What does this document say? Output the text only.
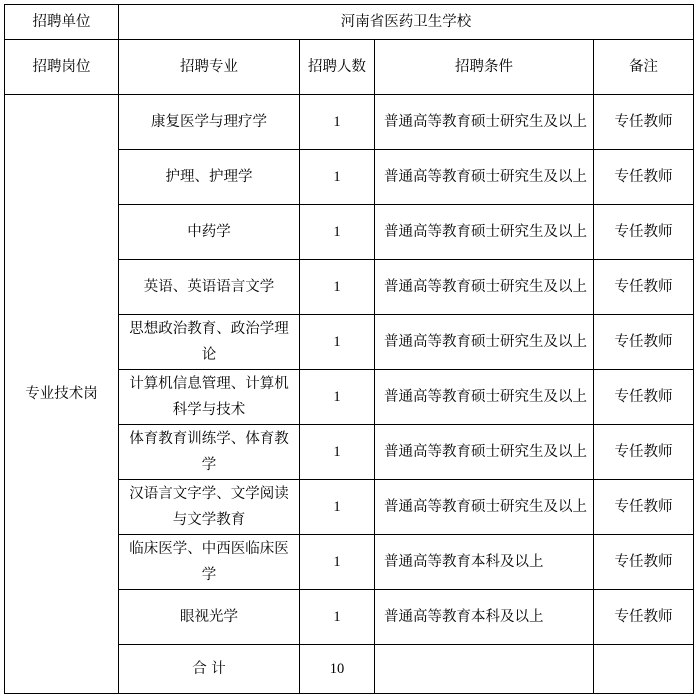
招聘单位	河南省医药卫生学校			
招聘岗位	招聘专业	招聘人数	招聘条件	备注
专业技术岗	康复医学与理疗学	1	普通高等教育硕士研究生及以上	专任教师
	护理、护理学	1	普通高等教育硕士研究生及以上	专任教师
	中药学	1	普通高等教育硕士研究生及以上	专任教师
	英语、英语语言文学	1	普通高等教育硕士研究生及以上	专任教师
	思想政治教育、政治学理论	1	普通高等教育硕士研究生及以上	专任教师
	计算机信息管理、计算机科学与技术	1	普通高等教育硕士研究生及以上	专任教师
	体育教育训练学、体育教学	1	普通高等教育硕士研究生及以上	专任教师
	汉语言文字学、文学阅读与文学教育	1	普通高等教育硕士研究生及以上	专任教师
	临床医学、中西医临床医学	1	普通高等教育本科及以上	专任教师
	眼视光学	1	普通高等教育本科及以上	专任教师
	合 计	10		
